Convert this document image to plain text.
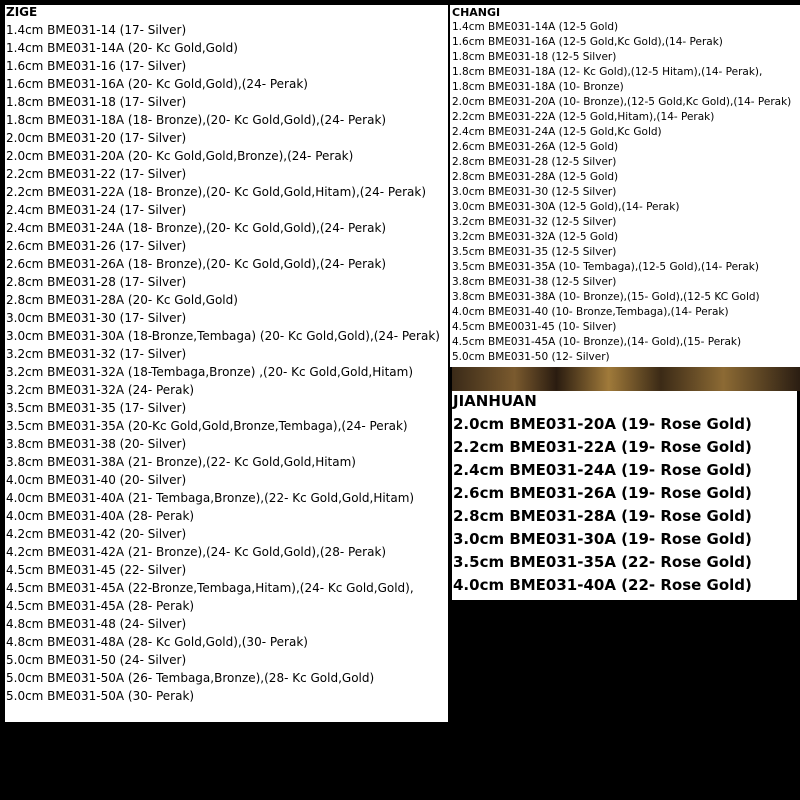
ZIGE
1.4cm BME031-14 (17- Silver)
1.4cm BME031-14A (20- Kc Gold,Gold)
1.6cm BME031-16 (17- Silver)
1.6cm BME031-16A (20- Kc Gold,Gold),(24- Perak)
1.8cm BME031-18 (17- Silver)
1.8cm BME031-18A (18- Bronze),(20- Kc Gold,Gold),(24- Perak)
2.0cm BME031-20 (17- Silver)
2.0cm BME031-20A (20- Kc Gold,Gold,Bronze),(24- Perak)
2.2cm BME031-22 (17- Silver)
2.2cm BME031-22A (18- Bronze),(20- Kc Gold,Gold,Hitam),(24- Perak)
2.4cm BME031-24 (17- Silver)
2.4cm BME031-24A (18- Bronze),(20- Kc Gold,Gold),(24- Perak)
2.6cm BME031-26 (17- Silver)
2.6cm BME031-26A (18- Bronze),(20- Kc Gold,Gold),(24- Perak)
2.8cm BME031-28 (17- Silver)
2.8cm BME031-28A (20- Kc Gold,Gold)
3.0cm BME031-30 (17- Silver)
3.0cm BME031-30A (18-Bronze,Tembaga) (20- Kc Gold,Gold),(24- Perak)
3.2cm BME031-32 (17- Silver)
3.2cm BME031-32A (18-Tembaga,Bronze) ,(20- Kc Gold,Gold,Hitam)
3.2cm BME031-32A (24- Perak)
3.5cm BME031-35 (17- Silver)
3.5cm BME031-35A (20-Kc Gold,Gold,Bronze,Tembaga),(24- Perak)
3.8cm BME031-38 (20- Silver)
3.8cm BME031-38A (21- Bronze),(22- Kc Gold,Gold,Hitam)
4.0cm BME031-40 (20- Silver)
4.0cm BME031-40A (21- Tembaga,Bronze),(22- Kc Gold,Gold,Hitam)
4.0cm BME031-40A (28- Perak)
4.2cm BME031-42 (20- Silver)
4.2cm BME031-42A (21- Bronze),(24- Kc Gold,Gold),(28- Perak)
4.5cm BME031-45 (22- Silver)
4.5cm BME031-45A (22-Bronze,Tembaga,Hitam),(24- Kc Gold,Gold),
4.5cm BME031-45A (28- Perak)
4.8cm BME031-48 (24- Silver)
4.8cm BME031-48A (28- Kc Gold,Gold),(30- Perak)
5.0cm BME031-50 (24- Silver)
5.0cm BME031-50A (26- Tembaga,Bronze),(28- Kc Gold,Gold)
5.0cm BME031-50A (30- Perak)
CHANGI
1.4cm BME031-14A (12-5 Gold)
1.6cm BME031-16A (12-5 Gold,Kc Gold),(14- Perak)
1.8cm BME031-18 (12-5 Silver)
1.8cm BME031-18A (12- Kc Gold),(12-5 Hitam),(14- Perak),
1.8cm BME031-18A (10- Bronze)
2.0cm BME031-20A (10- Bronze),(12-5 Gold,Kc Gold),(14- Perak)
2.2cm BME031-22A (12-5 Gold,Hitam),(14- Perak)
2.4cm BME031-24A (12-5 Gold,Kc Gold)
2.6cm BME031-26A (12-5 Gold)
2.8cm BME031-28 (12-5 Silver)
2.8cm BME031-28A (12-5 Gold)
3.0cm BME031-30 (12-5 Silver)
3.0cm BME031-30A (12-5 Gold),(14- Perak)
3.2cm BME031-32 (12-5 Silver)
3.2cm BME031-32A (12-5 Gold)
3.5cm BME031-35 (12-5 Silver)
3.5cm BME031-35A (10- Tembaga),(12-5 Gold),(14- Perak)
3.8cm BME031-38 (12-5 Silver)
3.8cm BME031-38A (10- Bronze),(15- Gold),(12-5 KC Gold)
4.0cm BME031-40 (10- Bronze,Tembaga),(14- Perak)
4.5cm BME0031-45 (10- Silver)
4.5cm BME031-45A (10- Bronze),(14- Gold),(15- Perak)
5.0cm BME031-50 (12- Silver)
JIANHUAN
2.0cm BME031-20A (19- Rose Gold)
2.2cm BME031-22A (19- Rose Gold)
2.4cm BME031-24A (19- Rose Gold)
2.6cm BME031-26A (19- Rose Gold)
2.8cm BME031-28A (19- Rose Gold)
3.0cm BME031-30A (19- Rose Gold)
3.5cm BME031-35A (22- Rose Gold)
4.0cm BME031-40A (22- Rose Gold)
